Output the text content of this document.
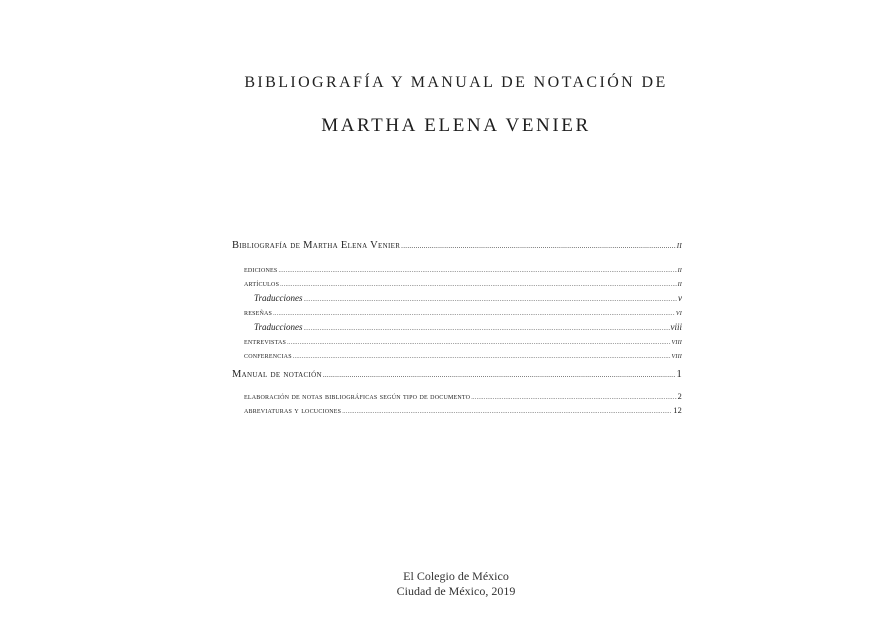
BIBLIOGRAFÍA Y MANUAL DE NOTACIÓN DE
MARTHA ELENA VENIER
Bibliografía de Martha Elena Venier .....	ii
ediciones .....	ii
artículos .....	ii
Traducciones .....	v
reseñas .....	vi
Traducciones .....	viii
entrevistas .....	viii
conferencias .....	viii
Manual de notación .....	1
elaboración de notas bibliográficas según tipo de documento .....	2
abreviaturas y locuciones .....	12
El Colegio de México
Ciudad de México, 2019
